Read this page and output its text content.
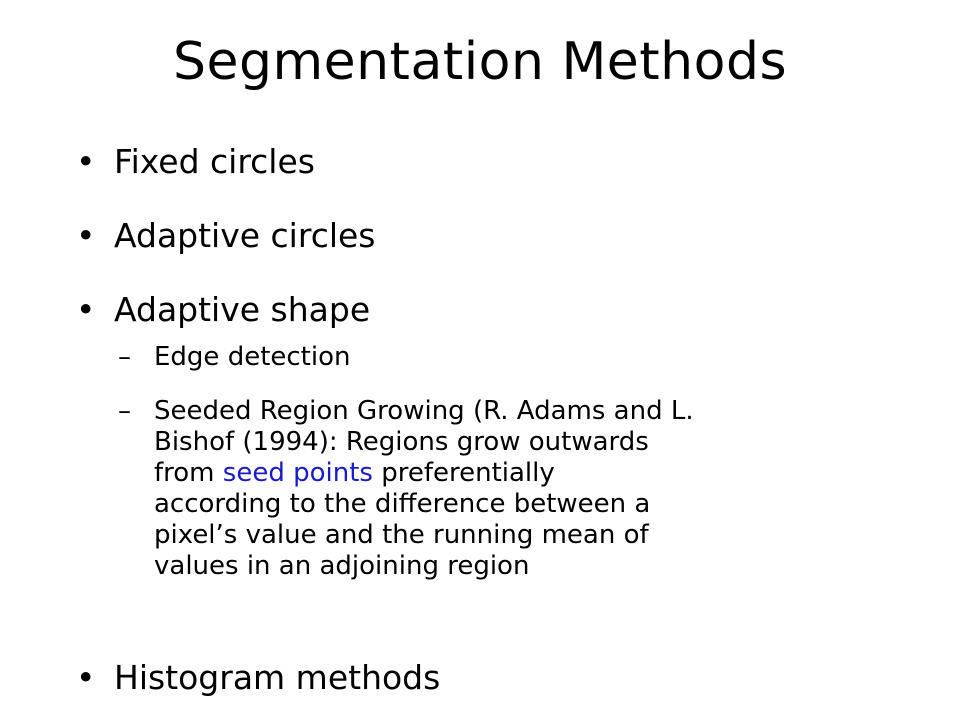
Segmentation Methods
• Fixed circles
• Adaptive circles
• Adaptive shape
– Edge detection
– Seeded Region Growing (R. Adams and L.
Bishof (1994): Regions grow outwards
from seed points preferentially
according to the difference between a
pixel’s value and the running mean of
values in an adjoining region
• Histogram methods
